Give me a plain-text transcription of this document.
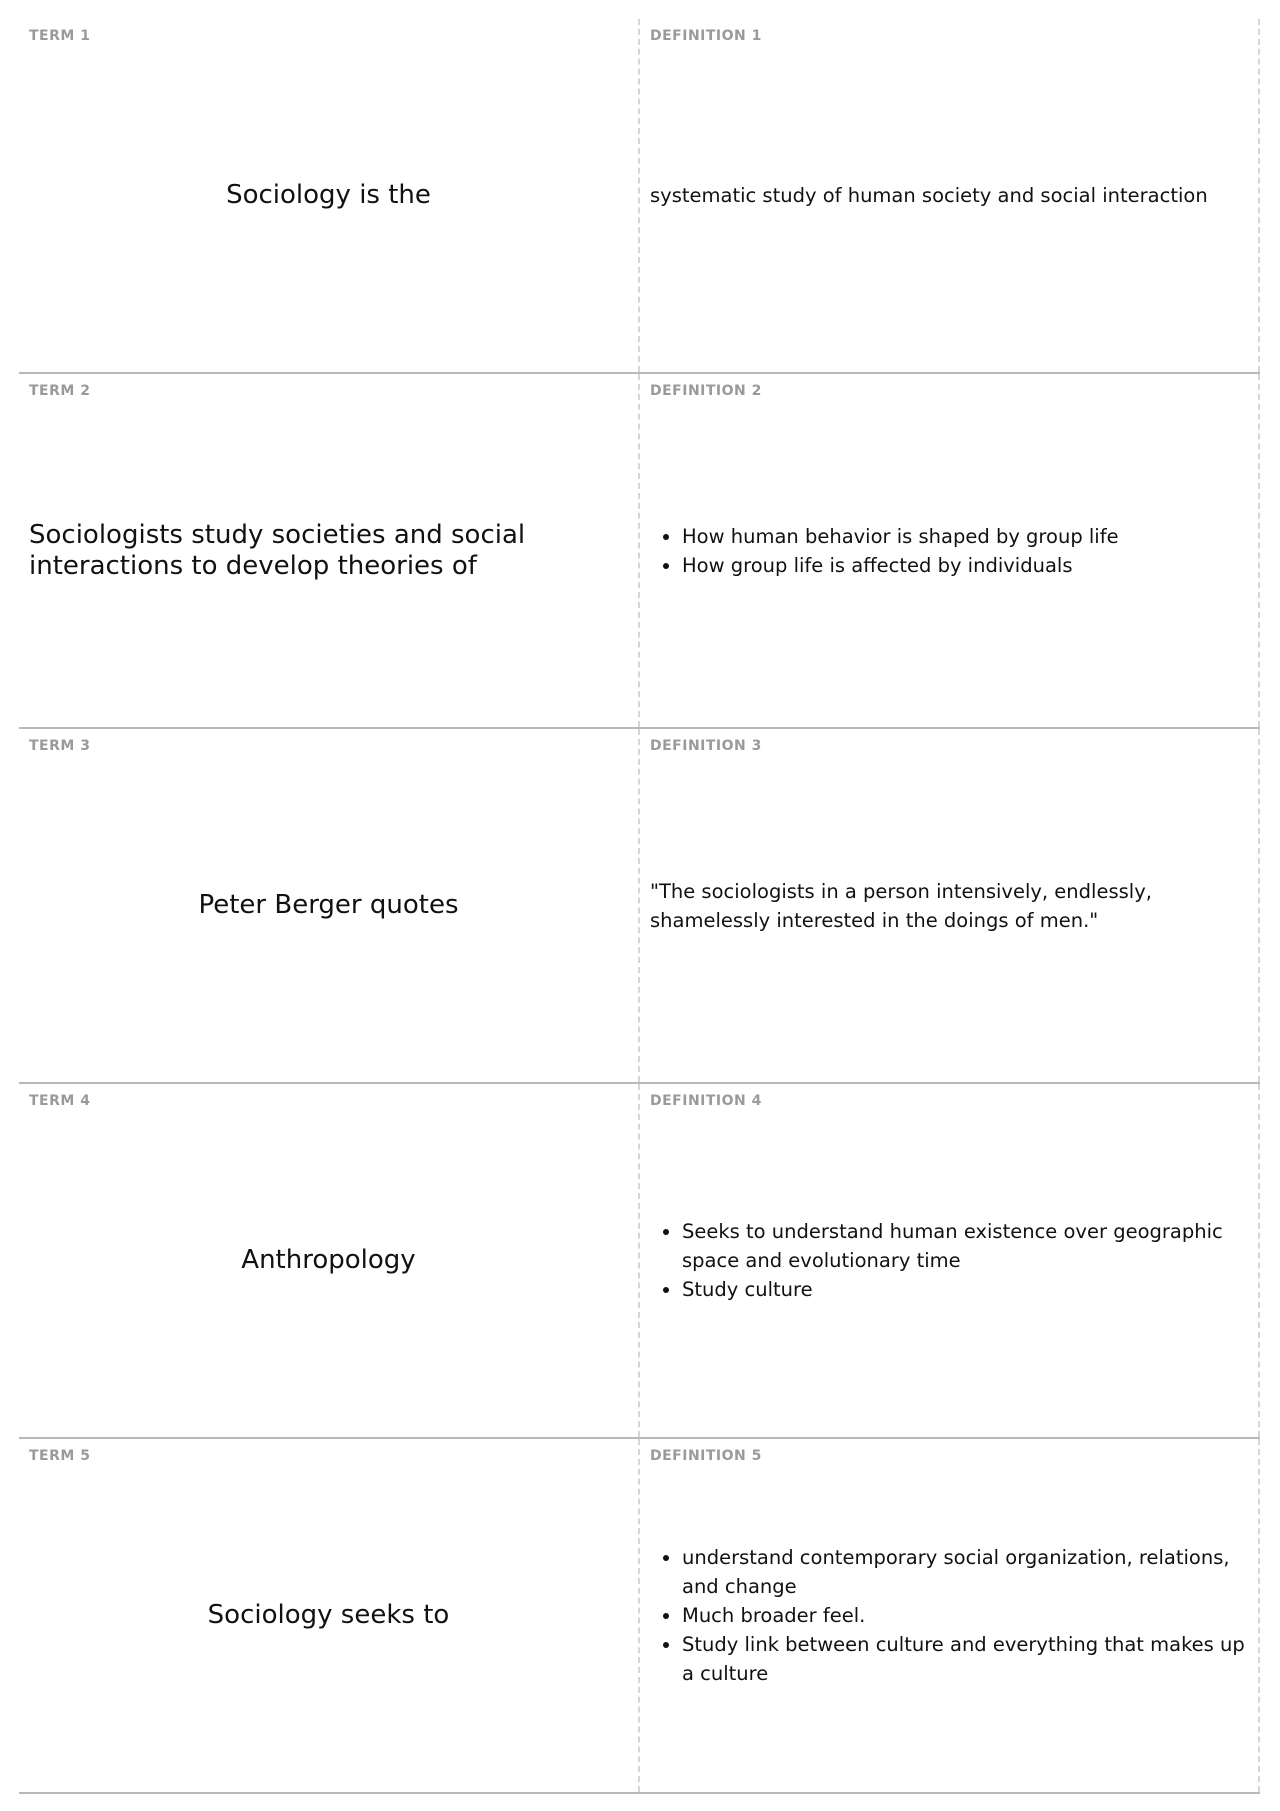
TERM 1
Sociology is the
DEFINITION 1
systematic study of human society and social interaction
TERM 2
Sociologists study societies and social interactions to develop theories of
DEFINITION 2
• How human behavior is shaped by group life
• How group life is affected by individuals
TERM 3
Peter Berger quotes
DEFINITION 3
"The sociologists in a person intensively, endlessly, shamelessly interested in the doings of men."
TERM 4
Anthropology
DEFINITION 4
• Seeks to understand human existence over geographic space and evolutionary time
• Study culture
TERM 5
Sociology seeks to
DEFINITION 5
• understand contemporary social organization, relations, and change
• Much broader feel.
• Study link between culture and everything that makes up a culture
